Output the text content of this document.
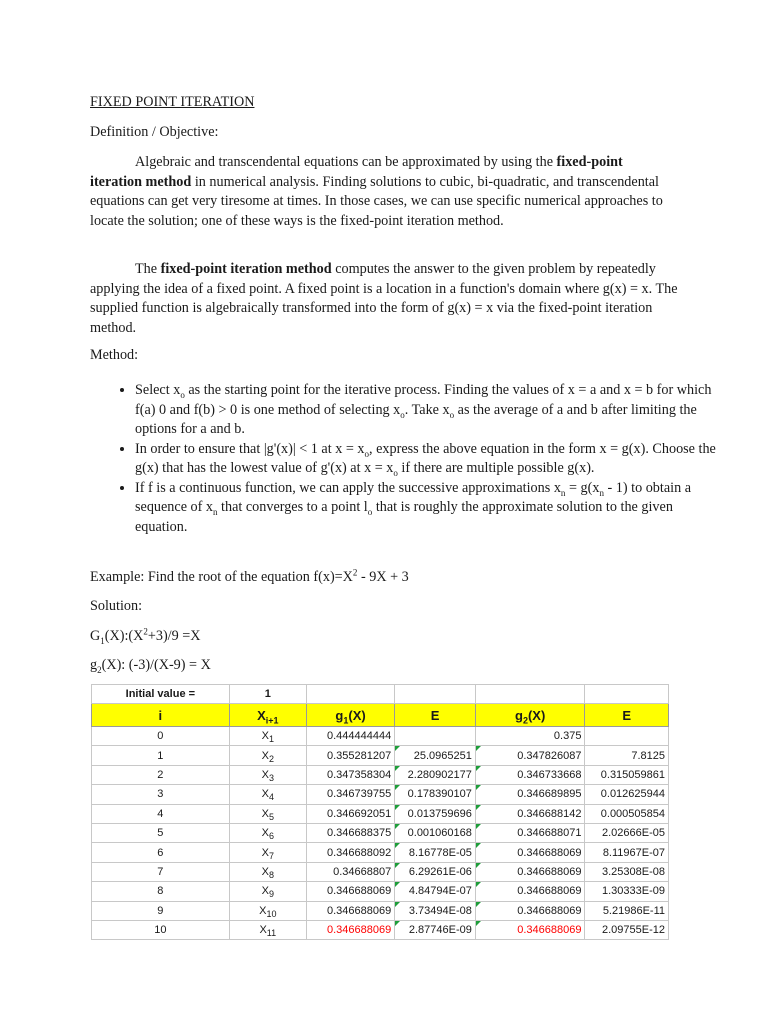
FIXED POINT ITERATION
Definition / Objective:
Algebraic and transcendental equations can be approximated by using the fixed-point iteration method in numerical analysis. Finding solutions to cubic, bi-quadratic, and transcendental equations can get very tiresome at times. In those cases, we can use specific numerical approaches to locate the solution; one of these ways is the fixed-point iteration method.
The fixed-point iteration method computes the answer to the given problem by repeatedly applying the idea of a fixed point. A fixed point is a location in a function's domain where g(x) = x. The supplied function is algebraically transformed into the form of g(x) = x via the fixed-point iteration method.
Method:
• Select $x_o$ as the starting point for the iterative process. Finding the values of x = a and x = b for which f(a) 0 and f(b) > 0 is one method of selecting $x_o$. Take $x_o$ as the average of a and b after limiting the options for a and b.
• In order to ensure that |g'(x)| < 1 at $x = x_o$, express the above equation in the form x = g(x). Choose the g(x) that has the lowest value of g'(x) at $x = x_o$ if there are multiple possible g(x).
• If f is a continuous function, we can apply the successive approximations $x_n = g(x_n - 1)$ to obtain a sequence of $x_n$ that converges to a point $l_o$ that is roughly the approximate solution to the given equation.
Example: Find the root of the equation $f(x)=X^2 - 9X + 3$
Solution:
$G_1(X):(X^2+3)/9 =X$
$g_2(X)$: (-3)/(X-9) = X
Initial value =	1				
i	$X_{i+1}$	$g_1(X)$	E	$g_2(X)$	E
0	$X_1$	0.444444444		0.375	
1	$X_2$	0.355281207	25.0965251	0.347826087	7.8125
2	$X_3$	0.347358304	2.280902177	0.346733668	0.315059861
3	$X_4$	0.346739755	0.178390107	0.346689895	0.012625944
4	$X_5$	0.346692051	0.013759696	0.346688142	0.000505854
5	$X_6$	0.346688375	0.001060168	0.346688071	2.02666E-05
6	$X_7$	0.346688092	8.16778E-05	0.346688069	8.11967E-07
7	$X_8$	0.34668807	6.29261E-06	0.346688069	3.25308E-08
8	$X_9$	0.346688069	4.84794E-07	0.346688069	1.30333E-09
9	$X_{10}$	0.346688069	3.73494E-08	0.346688069	5.21986E-11
10	$X_{11}$	0.346688069	2.87746E-09	0.346688069	2.09755E-12
